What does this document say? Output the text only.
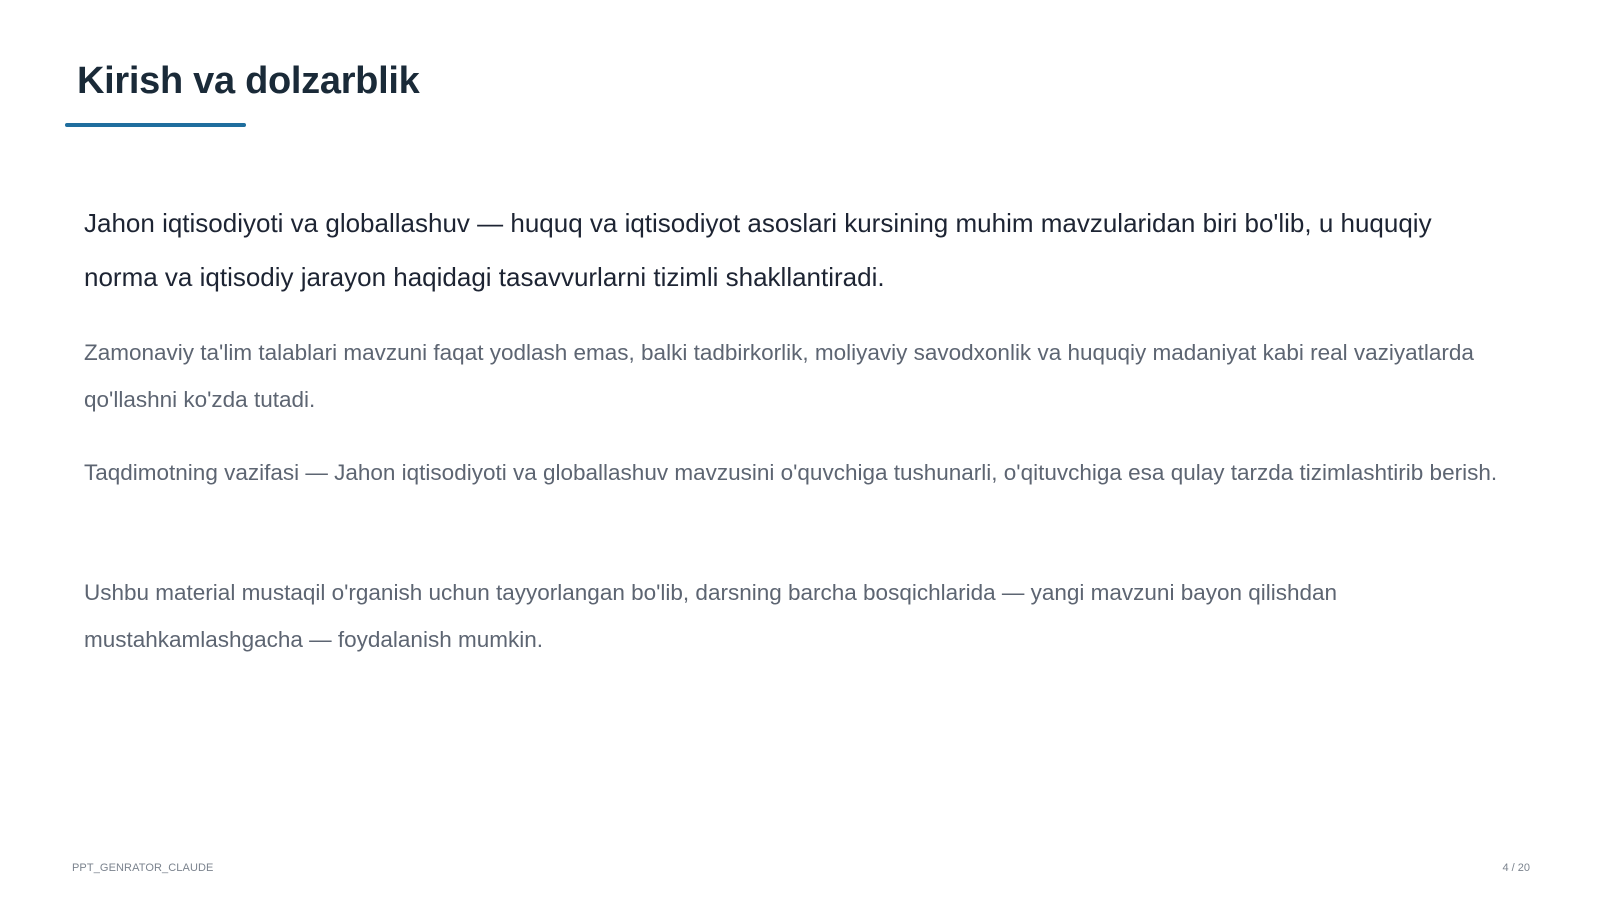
Kirish va dolzarblik

Jahon iqtisodiyoti va globallashuv — huquq va iqtisodiyot asoslari kursining muhim mavzularidan biri bo'lib, u huquqiy norma va iqtisodiy jarayon haqidagi tasavvurlarni tizimli shakllantiradi.

Zamonaviy ta'lim talablari mavzuni faqat yodlash emas, balki tadbirkorlik, moliyaviy savodxonlik va huquqiy madaniyat kabi real vaziyatlarda qo'llashni ko'zda tutadi.

Taqdimotning vazifasi — Jahon iqtisodiyoti va globallashuv mavzusini o'quvchiga tushunarli, o'qituvchiga esa qulay tarzda tizimlashtirib berish.

Ushbu material mustaqil o'rganish uchun tayyorlangan bo'lib, darsning barcha bosqichlarida — yangi mavzuni bayon qilishdan mustahkamlashgacha — foydalanish mumkin.

PPT_GENRATOR_CLAUDE	4 / 20
